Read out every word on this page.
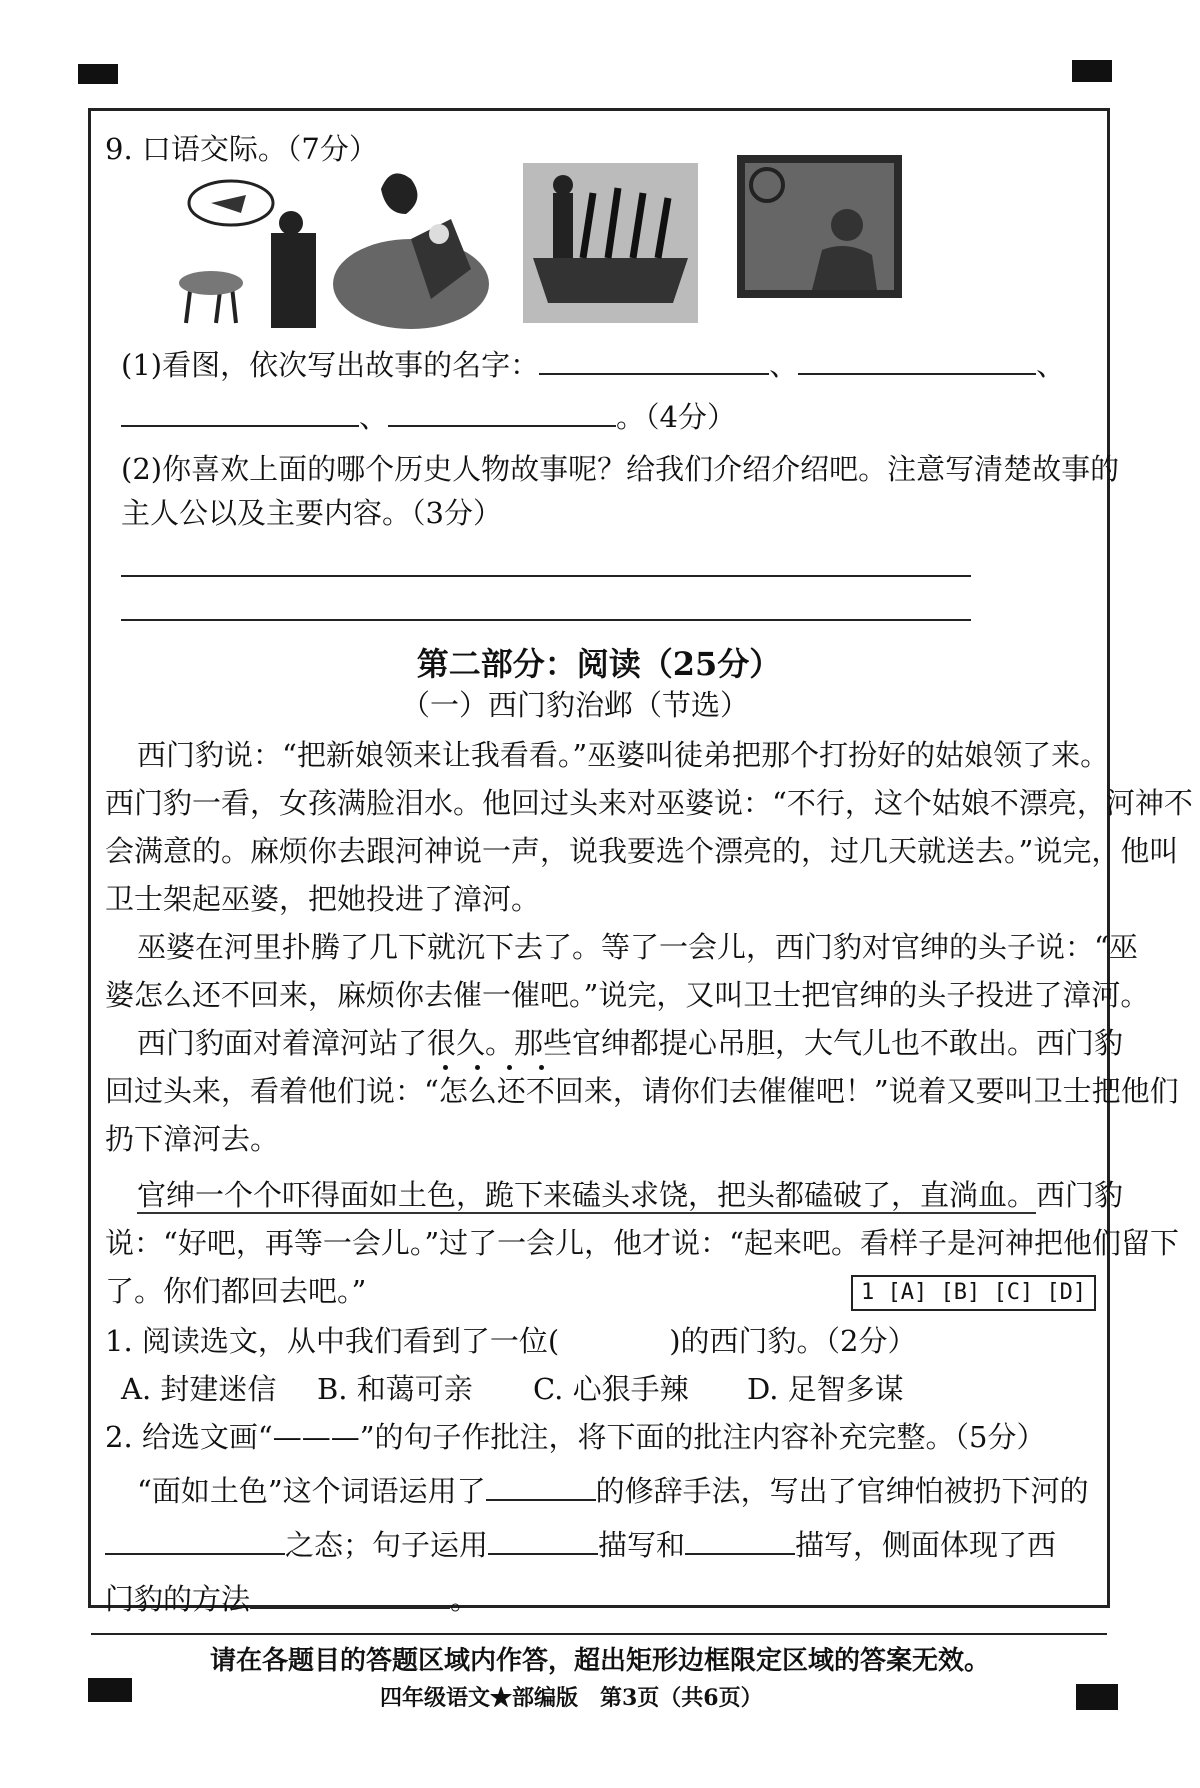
9. 口语交际。（7分）
(1)看图，依次写出故事的名字：	、	、
、	。（4分）
(2)你喜欢上面的哪个历史人物故事呢？给我们介绍介绍吧。注意写清楚故事的
主人公以及主要内容。（3分）
第二部分：阅读（25分）
（一）西门豹治邺（节选）
西门豹说：“把新娘领来让我看看。”巫婆叫徒弟把那个打扮好的姑娘领了来。
西门豹一看，女孩满脸泪水。他回过头来对巫婆说：“不行，这个姑娘不漂亮，河神不
会满意的。麻烦你去跟河神说一声，说我要选个漂亮的，过几天就送去。”说完，他叫
卫士架起巫婆，把她投进了漳河。
巫婆在河里扑腾了几下就沉下去了。等了一会儿，西门豹对官绅的头子说：“巫
婆怎么还不回来，麻烦你去催一催吧。”说完，又叫卫士把官绅的头子投进了漳河。
西门豹面对着漳河站了很久。那些官绅都提心吊胆，大气儿也不敢出。西门豹
回过头来，看着他们说：“怎么还不回来，请你们去催催吧！”说着又要叫卫士把他们
扔下漳河去。
官绅一个个吓得面如土色，跪下来磕头求饶，把头都磕破了，直淌血。西门豹
说：“好吧，再等一会儿。”过了一会儿，他才说：“起来吧。看样子是河神把他们留下
了。你们都回去吧。”	1 [A] [B] [C] [D]
1. 阅读选文，从中我们看到了一位(	)的西门豹。（2分）
A. 封建迷信 B. 和蔼可亲 C. 心狠手辣 D. 足智多谋
2. 给选文画“———”的句子作批注，将下面的批注内容补充完整。（5分）
“面如土色”这个词语运用了	的修辞手法，写出了官绅怕被扔下河的
之态；句子运用	描写和	描写，侧面体现了西
门豹的方法	。
请在各题目的答题区域内作答，超出矩形边框限定区域的答案无效。
四年级语文★部编版　第3页（共6页）
